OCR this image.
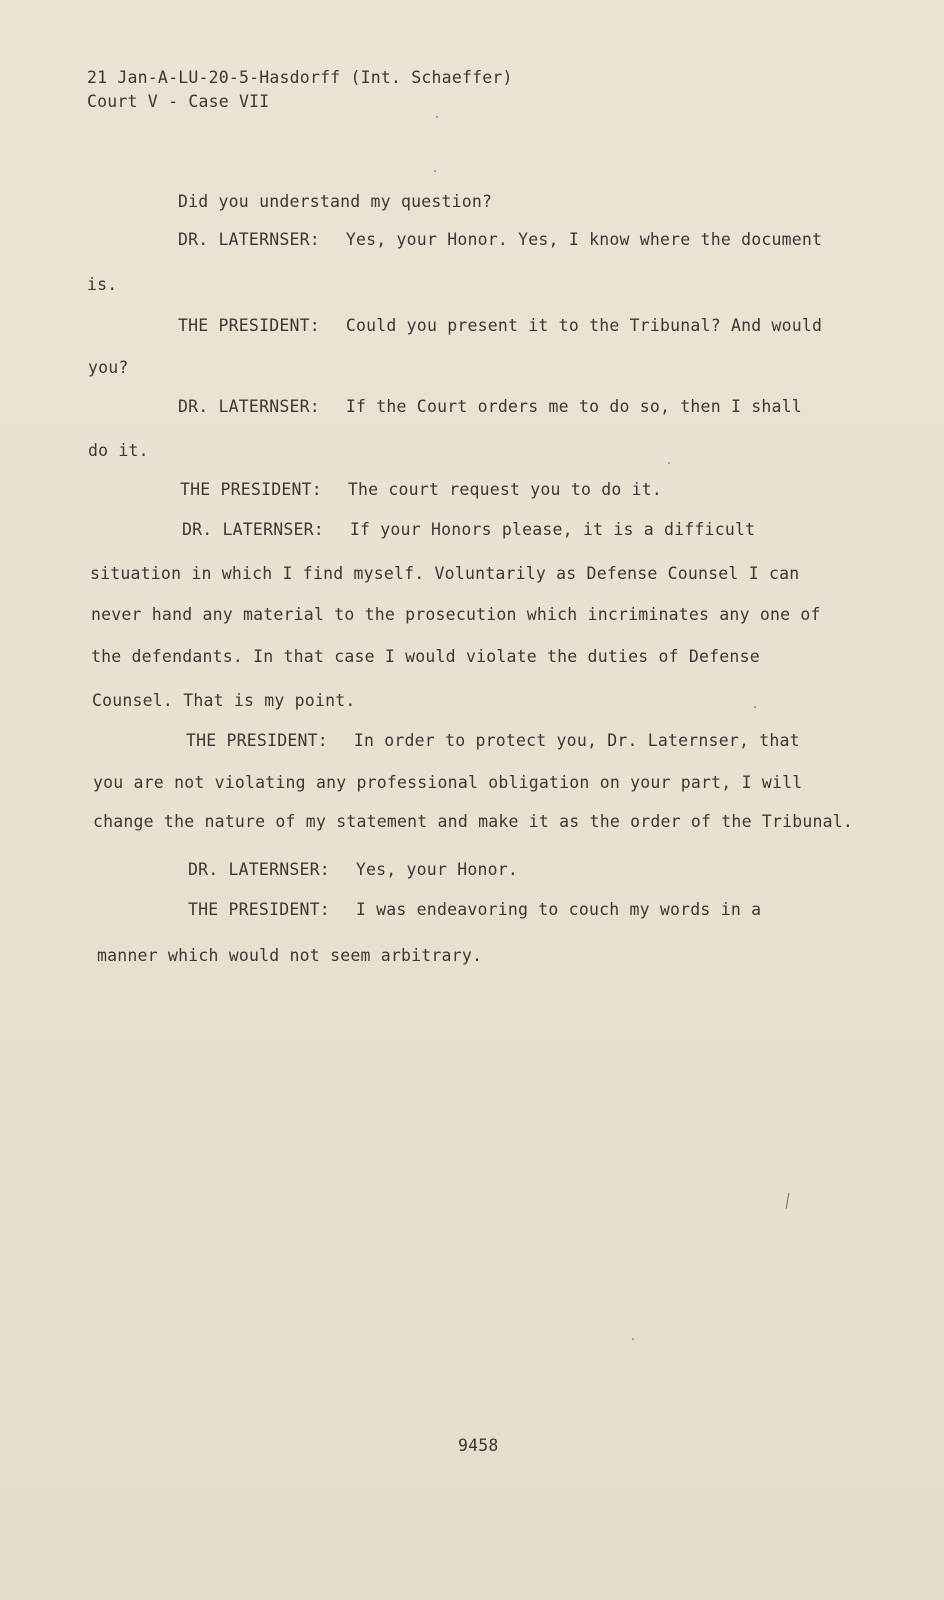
21 Jan-A-LU-20-5-Hasdorff (Int. Schaeffer)
Court V - Case VII
Did you understand my question?
DR. LATERNSER: Yes, your Honor. Yes, I know where the document
is.
THE PRESIDENT: Could you present it to the Tribunal? And would
you?
DR. LATERNSER: If the Court orders me to do so, then I shall
do it.
THE PRESIDENT: The court request you to do it.
DR. LATERNSER: If your Honors please, it is a difficult
situation in which I find myself. Voluntarily as Defense Counsel I can
never hand any material to the prosecution which incriminates any one of
the defendants. In that case I would violate the duties of Defense
Counsel. That is my point.
THE PRESIDENT: In order to protect you, Dr. Laternser, that
you are not violating any professional obligation on your part, I will
change the nature of my statement and make it as the order of the Tribunal.
DR. LATERNSER: Yes, your Honor.
THE PRESIDENT: I was endeavoring to couch my words in a
manner which would not seem arbitrary.
9458
